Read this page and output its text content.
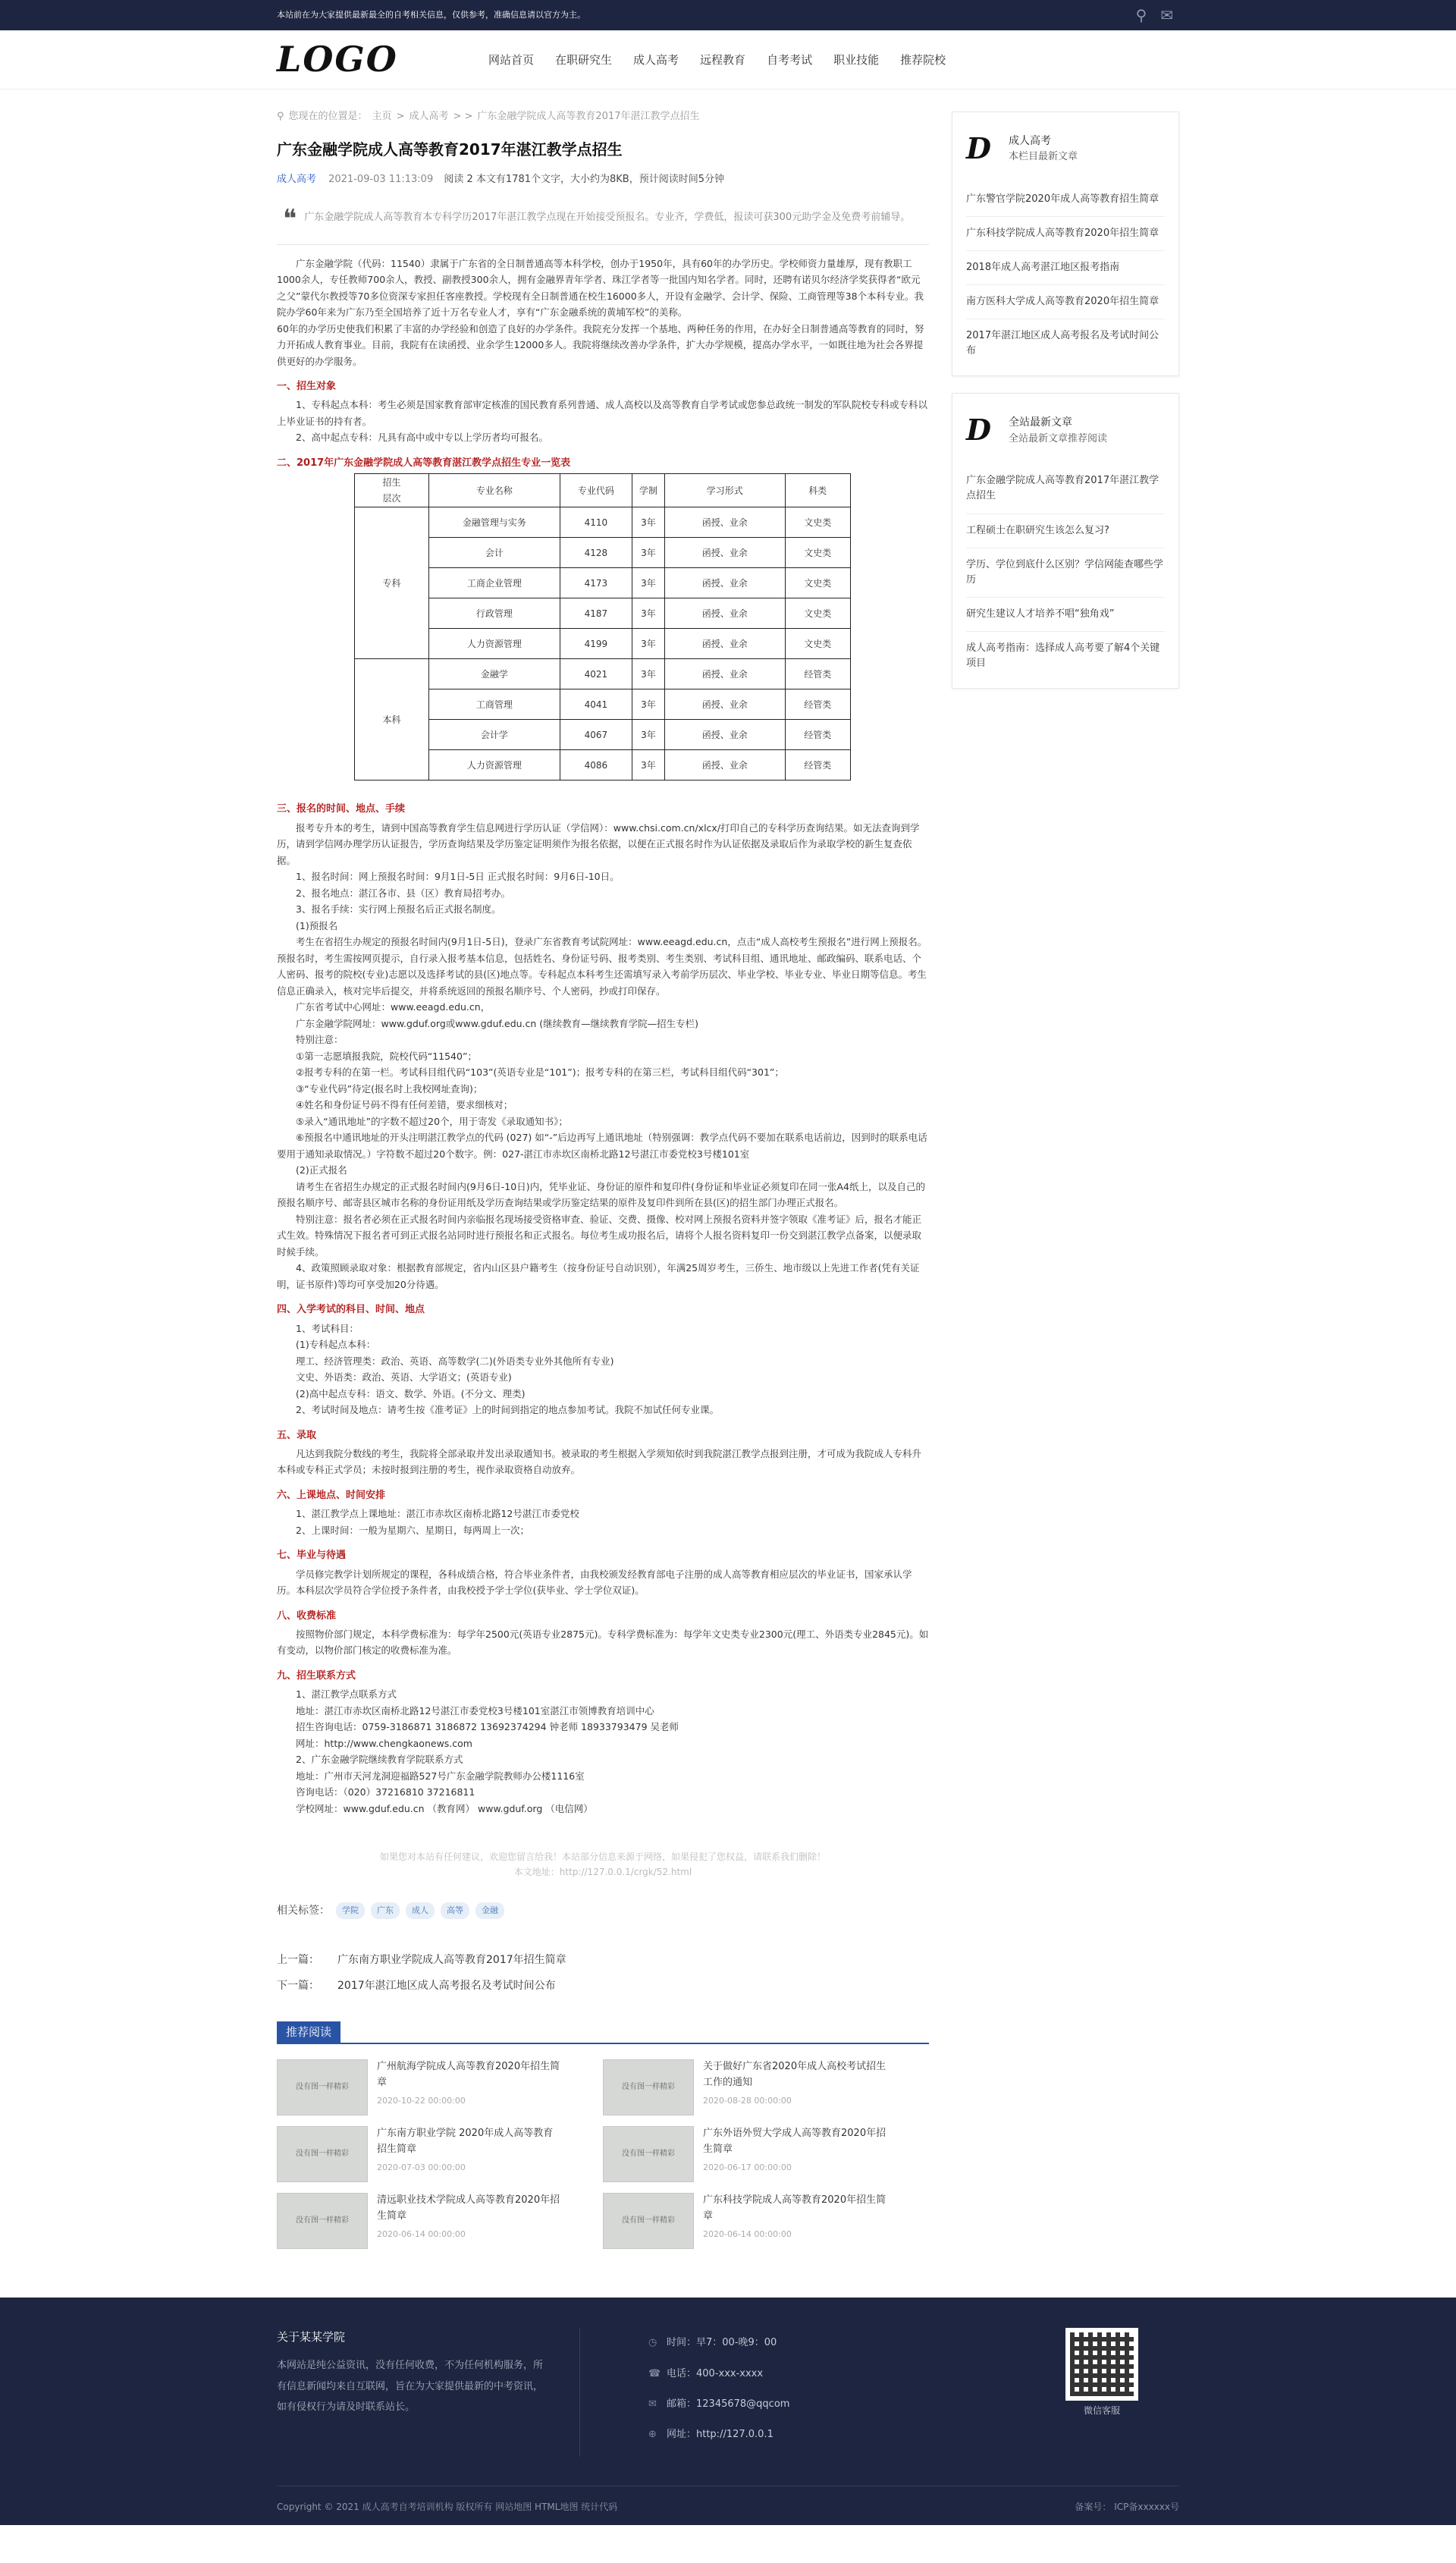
本站前在为大家提供最新最全的自考相关信息，仅供参考，准确信息请以官方为主。	⚲ ✉
LOGO	网站首页	在职研究生	成人高考	远程教育	自考考试	职业技能	推荐院校
⚲ 您现在的位置是： 主页 > 成人高考 > > 广东金融学院成人高等教育2017年湛江教学点招生
广东金融学院成人高等教育2017年湛江教学点招生
成人高考 2021-09-03 11:13:09 阅读 2 本文有1781个文字，大小约为8KB，预计阅读时间5分钟
❝ 广东金融学院成人高等教育本专科学历2017年湛江教学点现在开始接受预报名。专业齐，学费低，报读可获300元助学金及免费考前辅导。

广东金融学院（代码：11540）隶属于广东省的全日制普通高等本科学校，创办于1950年，具有60年的办学历史。学校师资力量雄厚，现有教职工1000余人，专任教师700余人，教授、副教授300余人，拥有金融界青年学者、珠江学者等一批国内知名学者。同时，还聘有诺贝尔经济学奖获得者“欧元之父”蒙代尔教授等70多位资深专家担任客座教授。学校现有全日制普通在校生16000多人，开设有金融学、会计学、保险、工商管理等38个本科专业。我院办学60年来为广东乃至全国培养了近十万名专业人才，享有“广东金融系统的黄埔军校”的美称。

60年的办学历史使我们积累了丰富的办学经验和创造了良好的办学条件。我院充分发挥一个基地、两种任务的作用，在办好全日制普通高等教育的同时，努力开拓成人教育事业。目前，我院有在读函授、业余学生12000多人。我院将继续改善办学条件，扩大办学规模，提高办学水平，一如既往地为社会各界提供更好的办学服务。

一、招生对象

1、专科起点本科：考生必须是国家教育部审定核准的国民教育系列普通、成人高校以及高等教育自学考试或您参总政统一制发的军队院校专科或专科以上毕业证书的持有者。

2、高中起点专科：凡具有高中或中专以上学历者均可报名。

二、2017年广东金融学院成人高等教育湛江教学点招生专业一览表
招生
层次	专业名称	专业代码	学制	学习形式	科类
专科	金融管理与实务	4110	3年	函授、业余	文史类
	会计	4128	3年	函授、业余	文史类
	工商企业管理	4173	3年	函授、业余	文史类
	行政管理	4187	3年	函授、业余	文史类
	人力资源管理	4199	3年	函授、业余	文史类
本科	金融学	4021	3年	函授、业余	经管类
	工商管理	4041	3年	函授、业余	经管类
	会计学	4067	3年	函授、业余	经管类
	人力资源管理	4086	3年	函授、业余	经管类
三、报名的时间、地点、手续

报考专升本的考生，请到中国高等教育学生信息网进行学历认证（学信网）：www.chsi.com.cn/xlcx/打印自己的专科学历查询结果。如无法查询到学历，请到学信网办理学历认证报告，学历查询结果及学历鉴定证明须作为报名依据，以便在正式报名时作为认证依据及录取后作为录取学校的新生复查依据。

1、报名时间：网上预报名时间：9月1日-5日 正式报名时间：9月6日-10日。

2、报名地点：湛江各市、县（区）教育局招考办。

3、报名手续：实行网上预报名后正式报名制度。

(1)预报名

考生在省招生办规定的预报名时间内(9月1日-5日)，登录广东省教育考试院网址：www.eeagd.edu.cn，点击“成人高校考生预报名”进行网上预报名。预报名时，考生需按网页提示，自行录入报考基本信息，包括姓名、身份证号码、报考类别、考生类别、考试科目组、通讯地址、邮政编码、联系电话、个人密码、报考的院校(专业)志愿以及选择考试的县(区)地点等。专科起点本科考生还需填写录入考前学历层次、毕业学校、毕业专业、毕业日期等信息。考生信息正确录入，核对完毕后提交，并将系统返回的预报名顺序号、个人密码，抄或打印保存。

广东省考试中心网址：www.eeagd.edu.cn，

广东金融学院网址：www.gduf.org或www.gduf.edu.cn (继续教育—继续教育学院—招生专栏)

特别注意：

①第一志愿填报我院，院校代码“11540”；

②报考专科的在第一栏。考试科目组代码“103”(英语专业是“101”)；报考专科的在第三栏，考试科目组代码“301”；

③“专业代码”待定(报名时上我校网址查询)；

④姓名和身份证号码不得有任何差错，要求细核对；

⑤录入“通讯地址”的字数不超过20个，用于寄发《录取通知书》；

⑥预报名中通讯地址的开头注明湛江教学点的代码 (027) 如“-”后边再写上通讯地址（特别强调：教学点代码不要加在联系电话前边，因到时的联系电话要用于通知录取情况。）字符数不超过20个数字。例：027-湛江市赤坎区南桥北路12号湛江市委党校3号楼101室

(2)正式报名

请考生在省招生办规定的正式报名时间内(9月6日-10日)内，凭毕业证、身份证的原件和复印件(身份证和毕业证必须复印在同一张A4纸上，以及自己的预报名顺序号、邮寄县区城市名称的身份证用纸及学历查询结果或学历鉴定结果的原件及复印件到所在县(区)的招生部门办理正式报名。

特别注意：报名者必须在正式报名时间内亲临报名现场接受资格审查、验证、交费、摄像、校对网上预报名资料并签字领取《准考证》后，报名才能正式生效。特殊情况下报名者可到正式报名站同时进行预报名和正式报名。每位考生成功报名后，请将个人报名资料复印一份交到湛江教学点备案，以便录取时候手续。

4、政策照顾录取对象：根据教育部规定，省内山区县户籍考生（按身份证号自动识别），年满25周岁考生，三侨生、地市级以上先进工作者(凭有关证明，证书原件)等均可享受加20分待遇。

四、入学考试的科目、时间、地点

1、考试科目：

(1)专科起点本科：

理工、经济管理类：政治、英语、高等数学(二)(外语类专业外其他所有专业)

文史、外语类：政治、英语、大学语文；(英语专业)

(2)高中起点专科：语文、数学、外语。(不分文、理类)

2、考试时间及地点：请考生按《准考证》上的时间到指定的地点参加考试。我院不加试任何专业课。

五、录取

凡达到我院分数线的考生，我院将全部录取并发出录取通知书。被录取的考生根据入学须知依时到我院湛江教学点报到注册，才可成为我院成人专科升本科或专科正式学员；未按时报到注册的考生，视作录取资格自动放弃。

六、上课地点、时间安排

1、湛江教学点上课地址：湛江市赤坎区南桥北路12号湛江市委党校

2、上课时间：一般为星期六、星期日，每两周上一次；

七、毕业与待遇

学员修完教学计划所规定的课程，各科成绩合格，符合毕业条件者，由我校颁发经教育部电子注册的成人高等教育相应层次的毕业证书，国家承认学历。本科层次学员符合学位授予条件者，由我校授予学士学位(获毕业、学士学位双证)。

八、收费标准

按照物价部门规定，本科学费标准为：每学年2500元(英语专业2875元)。专科学费标准为：每学年文史类专业2300元(理工、外语类专业2845元)。如有变动，以物价部门核定的收费标准为准。

九、招生联系方式

1、湛江教学点联系方式

地址：湛江市赤坎区南桥北路12号湛江市委党校3号楼101室湛江市领博教育培训中心

招生咨询电话：0759-3186871 3186872 13692374294 钟老师 18933793479 吴老师

网址：http://www.chengkaonews.com

2、广东金融学院继续教育学院联系方式

地址：广州市天河龙洞迎福路527号广东金融学院教师办公楼1116室

咨询电话：（020）37216810 37216811

学校网址：www.gduf.edu.cn （教育网） www.gduf.org （电信网）

如果您对本站有任何建议，欢迎您留言给我！本站部分信息来源于网络，如果侵犯了您权益，请联系我们删除！
本文地址：http://127.0.0.1/crgk/52.html
相关标签：	学院	广东	成人	高等	金融
上一篇： 广东南方职业学院成人高等教育2017年招生简章
下一篇： 2017年湛江地区成人高考报名及考试时间公布
推荐阅读
没有图一样精彩
广州航海学院成人高等教育2020年招生简章
2020-10-22 00:00:00
没有图一样精彩
关于做好广东省2020年成人高校考试招生工作的通知
2020-08-28 00:00:00
没有图一样精彩
广东南方职业学院 2020年成人高等教育招生简章
2020-07-03 00:00:00
没有图一样精彩
广东外语外贸大学成人高等教育2020年招生简章
2020-06-17 00:00:00
没有图一样精彩
清远职业技术学院成人高等教育2020年招生简章
2020-06-14 00:00:00
没有图一样精彩
广东科技学院成人高等教育2020年招生简章
2020-06-14 00:00:00
D	成人高考
本栏目最新文章
广东警官学院2020年成人高等教育招生简章
广东科技学院成人高等教育2020年招生简章
2018年成人高考湛江地区报考指南
南方医科大学成人高等教育2020年招生简章
2017年湛江地区成人高考报名及考试时间公布
D	全站最新文章
全站最新文章推荐阅读
广东金融学院成人高等教育2017年湛江教学点招生
工程硕士在职研究生该怎么复习?
学历、学位到底什么区别？学信网能查哪些学历
研究生建议人才培养不唱“独角戏”
成人高考指南：选择成人高考要了解4个关键项目
关于某某学院

本网站是纯公益资讯，没有任何收费，不为任何机构服务，所有信息新闻均来自互联网，旨在为大家提供最新的中考资讯，如有侵权行为请及时联系站长。

◷ 时间：早7：00-晚9：00
☎ 电话：400-xxx-xxxx
✉ 邮箱：12345678@qqcom
⊕ 网址：http://127.0.0.1
微信客服
Copyright © 2021 成人高考自考培训机构 版权所有 网站地图 HTML地图 统计代码	备案号： ICP备xxxxxx号
